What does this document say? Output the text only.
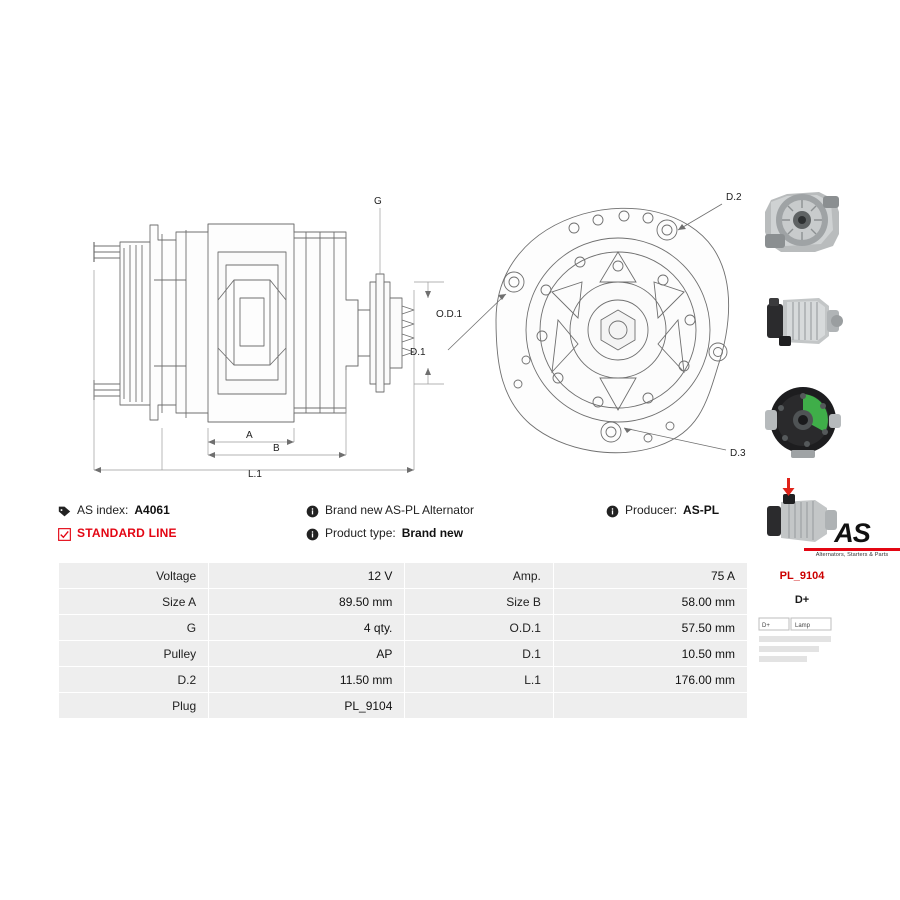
G
O.D.1
A
B
L.1
D.1
D.2
D.3
PL_9104
D+
D+	Lamp
AS index: A4061	Brand new AS-PL Alternator	Producer: AS-PL
STANDARD LINE	Product type: Brand new	AS
Alternators, Starters & Parts
Voltage	12 V	Amp.	75 A
Size A	89.50 mm	Size B	58.00 mm
G	4 qty.	O.D.1	57.50 mm
Pulley	AP	D.1	10.50 mm
D.2	11.50 mm	L.1	176.00 mm
Plug	PL_9104		
